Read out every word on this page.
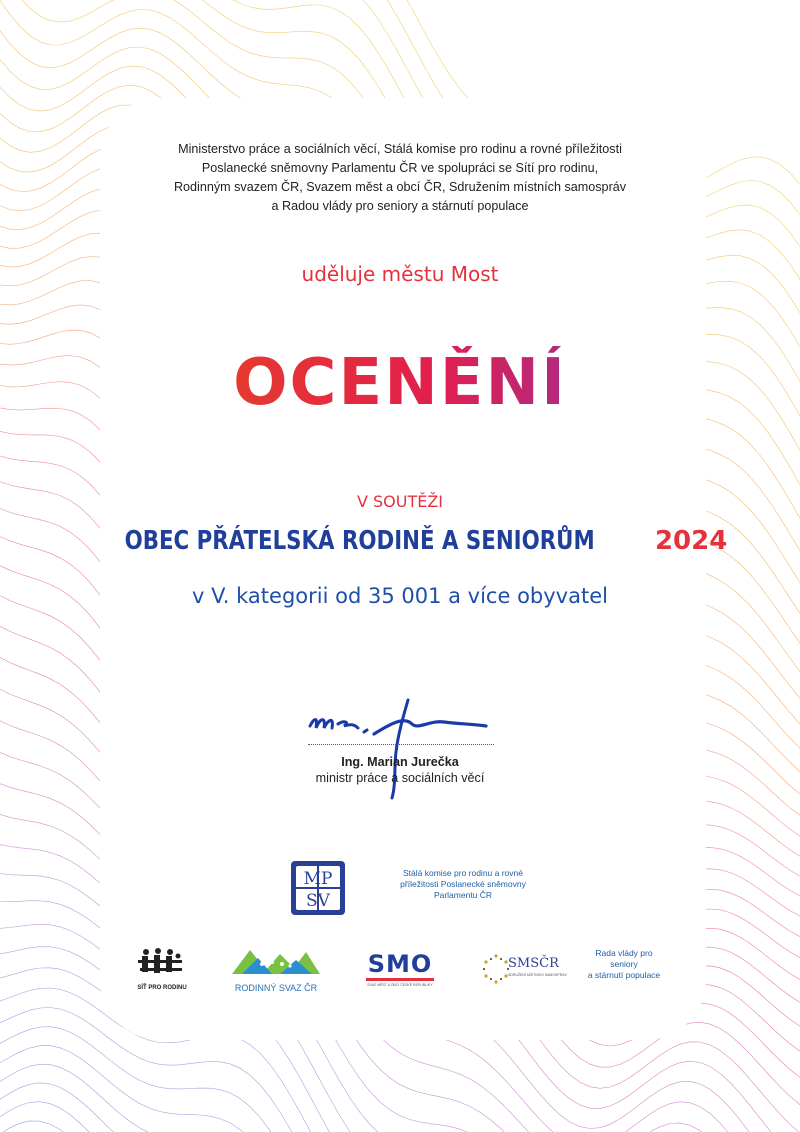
Ministerstvo práce a sociálních věcí, Stálá komise pro rodinu a rovné příležitosti
Poslanecké sněmovny Parlamentu ČR ve spolupráci se Sítí pro rodinu,
Rodinným svazem ČR, Svazem měst a obcí ČR, Sdružením místních samospráv
a Radou vlády pro seniory a stárnutí populace
uděluje městu Most
OCENĚNÍ
V SOUTĚŽI
OBEC PŘÁTELSKÁ RODINĚ A SENIORŮM 2024
v V. kategorii od 35 001 a více obyvatel
Ing. Marian Jurečka
ministr práce a sociálních věcí
MP
SV
Stálá komise pro rodinu a rovné
příležitosti Poslanecké sněmovny
Parlamentu ČR
SÍŤ PRO RODINU	RODINNÝ SVAZ ČR
SMO
SVAZ MĚST A OBCÍ ČESKÉ REPUBLIKY
SMSČR
SDRUŽENÍ MÍSTNÍCH SAMOSPRÁV
Rada vlády pro
seniory
a stárnutí populace
